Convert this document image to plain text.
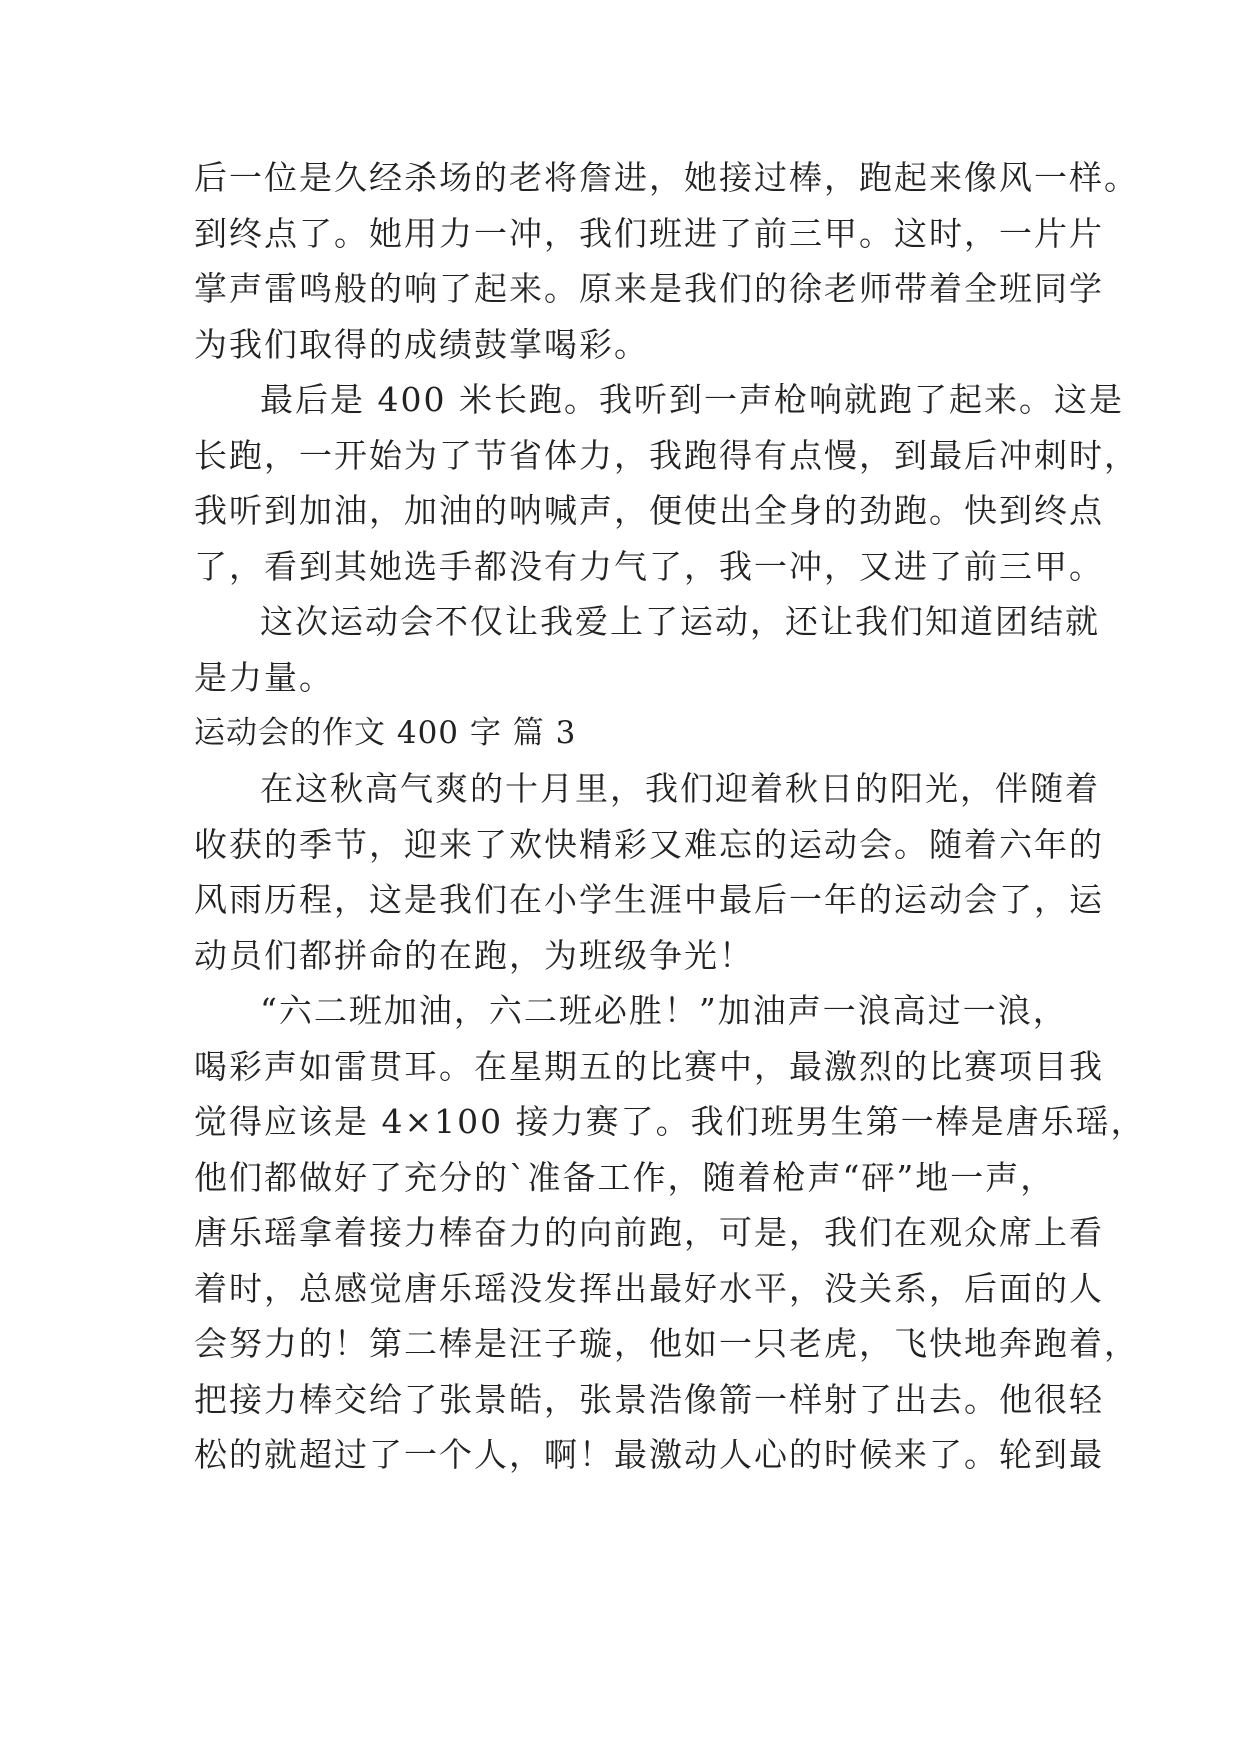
后一位是久经杀场的老将詹进，她接过棒，跑起来像风一样。
到终点了。她用力一冲，我们班进了前三甲。这时，一片片
掌声雷鸣般的响了起来。原来是我们的徐老师带着全班同学
为我们取得的成绩鼓掌喝彩。
最后是 400 米长跑。我听到一声枪响就跑了起来。这是
长跑，一开始为了节省体力，我跑得有点慢，到最后冲刺时，
我听到加油，加油的呐喊声，便使出全身的劲跑。快到终点
了，看到其她选手都没有力气了，我一冲，又进了前三甲。
这次运动会不仅让我爱上了运动，还让我们知道团结就
是力量。
运动会的作文 400 字 篇 3
在这秋高气爽的十月里，我们迎着秋日的阳光，伴随着
收获的季节，迎来了欢快精彩又难忘的运动会。随着六年的
风雨历程，这是我们在小学生涯中最后一年的运动会了，运
动员们都拼命的在跑，为班级争光！
“六二班加油，六二班必胜！”加油声一浪高过一浪，
喝彩声如雷贯耳。在星期五的比赛中，最激烈的比赛项目我
觉得应该是 4×100 接力赛了。我们班男生第一棒是唐乐瑶，
他们都做好了充分的`准备工作，随着枪声“砰”地一声，
唐乐瑶拿着接力棒奋力的向前跑，可是，我们在观众席上看
着时，总感觉唐乐瑶没发挥出最好水平，没关系，后面的人
会努力的！第二棒是汪子璇，他如一只老虎，飞快地奔跑着，
把接力棒交给了张景皓，张景浩像箭一样射了出去。他很轻
松的就超过了一个人，啊！最激动人心的时候来了。轮到最
